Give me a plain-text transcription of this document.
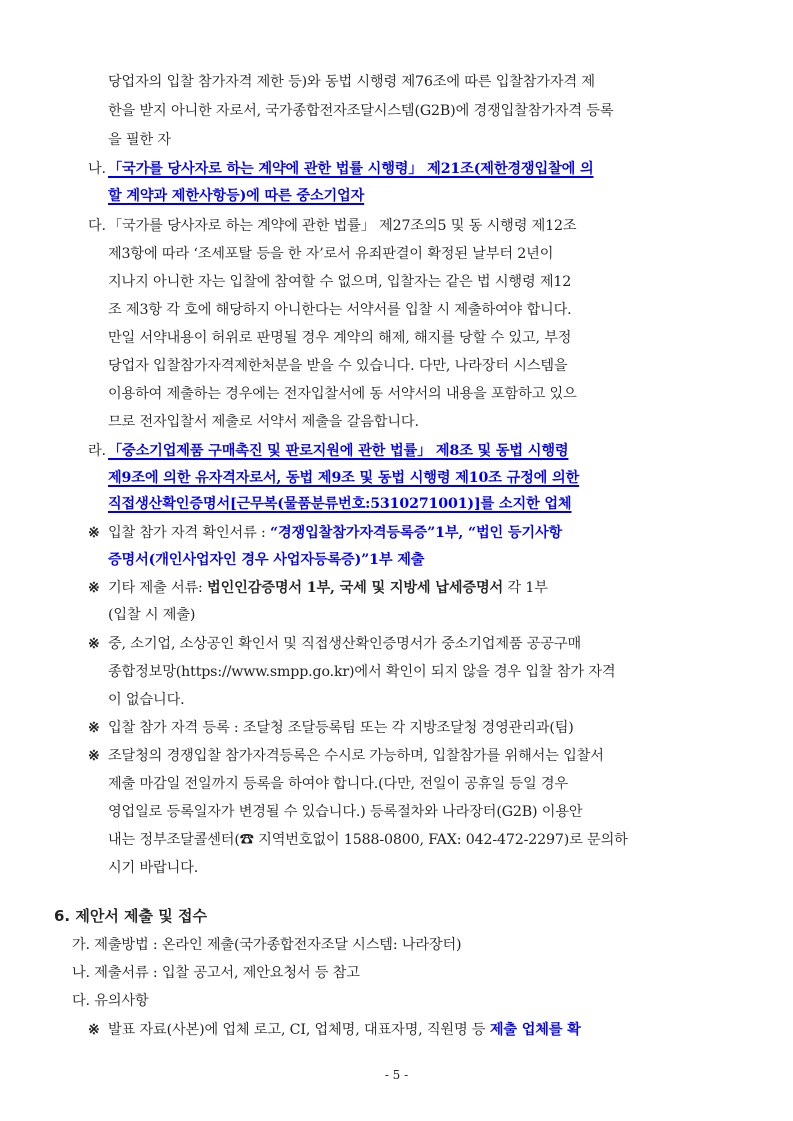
당업자의 입찰 참가자격 제한 등)와 동법 시행령 제76조에 따른 입찰참가자격 제
한을 받지 아니한 자로서, 국가종합전자조달시스템(G2B)에 경쟁입찰참가자격 등록
을 필한 자
나. 「국가를 당사자로 하는 계약에 관한 법률 시행령」 제21조(제한경쟁입찰에 의
할 계약과 제한사항등)에 따른 중소기업자
다. 「국가를 당사자로 하는 계약에 관한 법률」 제27조의5 및 동 시행령 제12조
제3항에 따라 ‘조세포탈 등을 한 자’로서 유죄판결이 확정된 날부터 2년이
지나지 아니한 자는 입찰에 참여할 수 없으며, 입찰자는 같은 법 시행령 제12
조 제3항 각 호에 해당하지 아니한다는 서약서를 입찰 시 제출하여야 합니다.
만일 서약내용이 허위로 판명될 경우 계약의 해제, 해지를 당할 수 있고, 부정
당업자 입찰참가자격제한처분을 받을 수 있습니다. 다만, 나라장터 시스템을
이용하여 제출하는 경우에는 전자입찰서에 동 서약서의 내용을 포함하고 있으
므로 전자입찰서 제출로 서약서 제출을 갈음합니다.
라. 「중소기업제품 구매촉진 및 판로지원에 관한 법률」 제8조 및 동법 시행령
제9조에 의한 유자격자로서, 동법 제9조 및 동법 시행령 제10조 규정에 의한
직접생산확인증명서[근무복(물품분류번호:5310271001)]를 소지한 업체
※ 입찰 참가 자격 확인서류 : “경쟁입찰참가자격등록증”1부, “법인 등기사항
증명서(개인사업자인 경우 사업자등록증)”1부 제출
※ 기타 제출 서류: 법인인감증명서 1부, 국세 및 지방세 납세증명서 각 1부
(입찰 시 제출)
※ 중, 소기업, 소상공인 확인서 및 직접생산확인증명서가 중소기업제품 공공구매
종합정보망(https://www.smpp.go.kr)에서 확인이 되지 않을 경우 입찰 참가 자격
이 없습니다.
※ 입찰 참가 자격 등록 : 조달청 조달등록팀 또는 각 지방조달청 경영관리과(팀)
※ 조달청의 경쟁입찰 참가자격등록은 수시로 가능하며, 입찰참가를 위해서는 입찰서
제출 마감일 전일까지 등록을 하여야 합니다.(다만, 전일이 공휴일 등일 경우
영업일로 등록일자가 변경될 수 있습니다.) 등록절차와 나라장터(G2B) 이용안
내는 정부조달콜센터(☎ 지역번호없이 1588-0800, FAX: 042-472-2297)로 문의하
시기 바랍니다.
6. 제안서 제출 및 접수
가. 제출방법 : 온라인 제출(국가종합전자조달 시스템: 나라장터)
나. 제출서류 : 입찰 공고서, 제안요청서 등 참고
다. 유의사항
※ 발표 자료(사본)에 업체 로고, CI, 업체명, 대표자명, 직원명 등 제출 업체를 확
- 5 -
